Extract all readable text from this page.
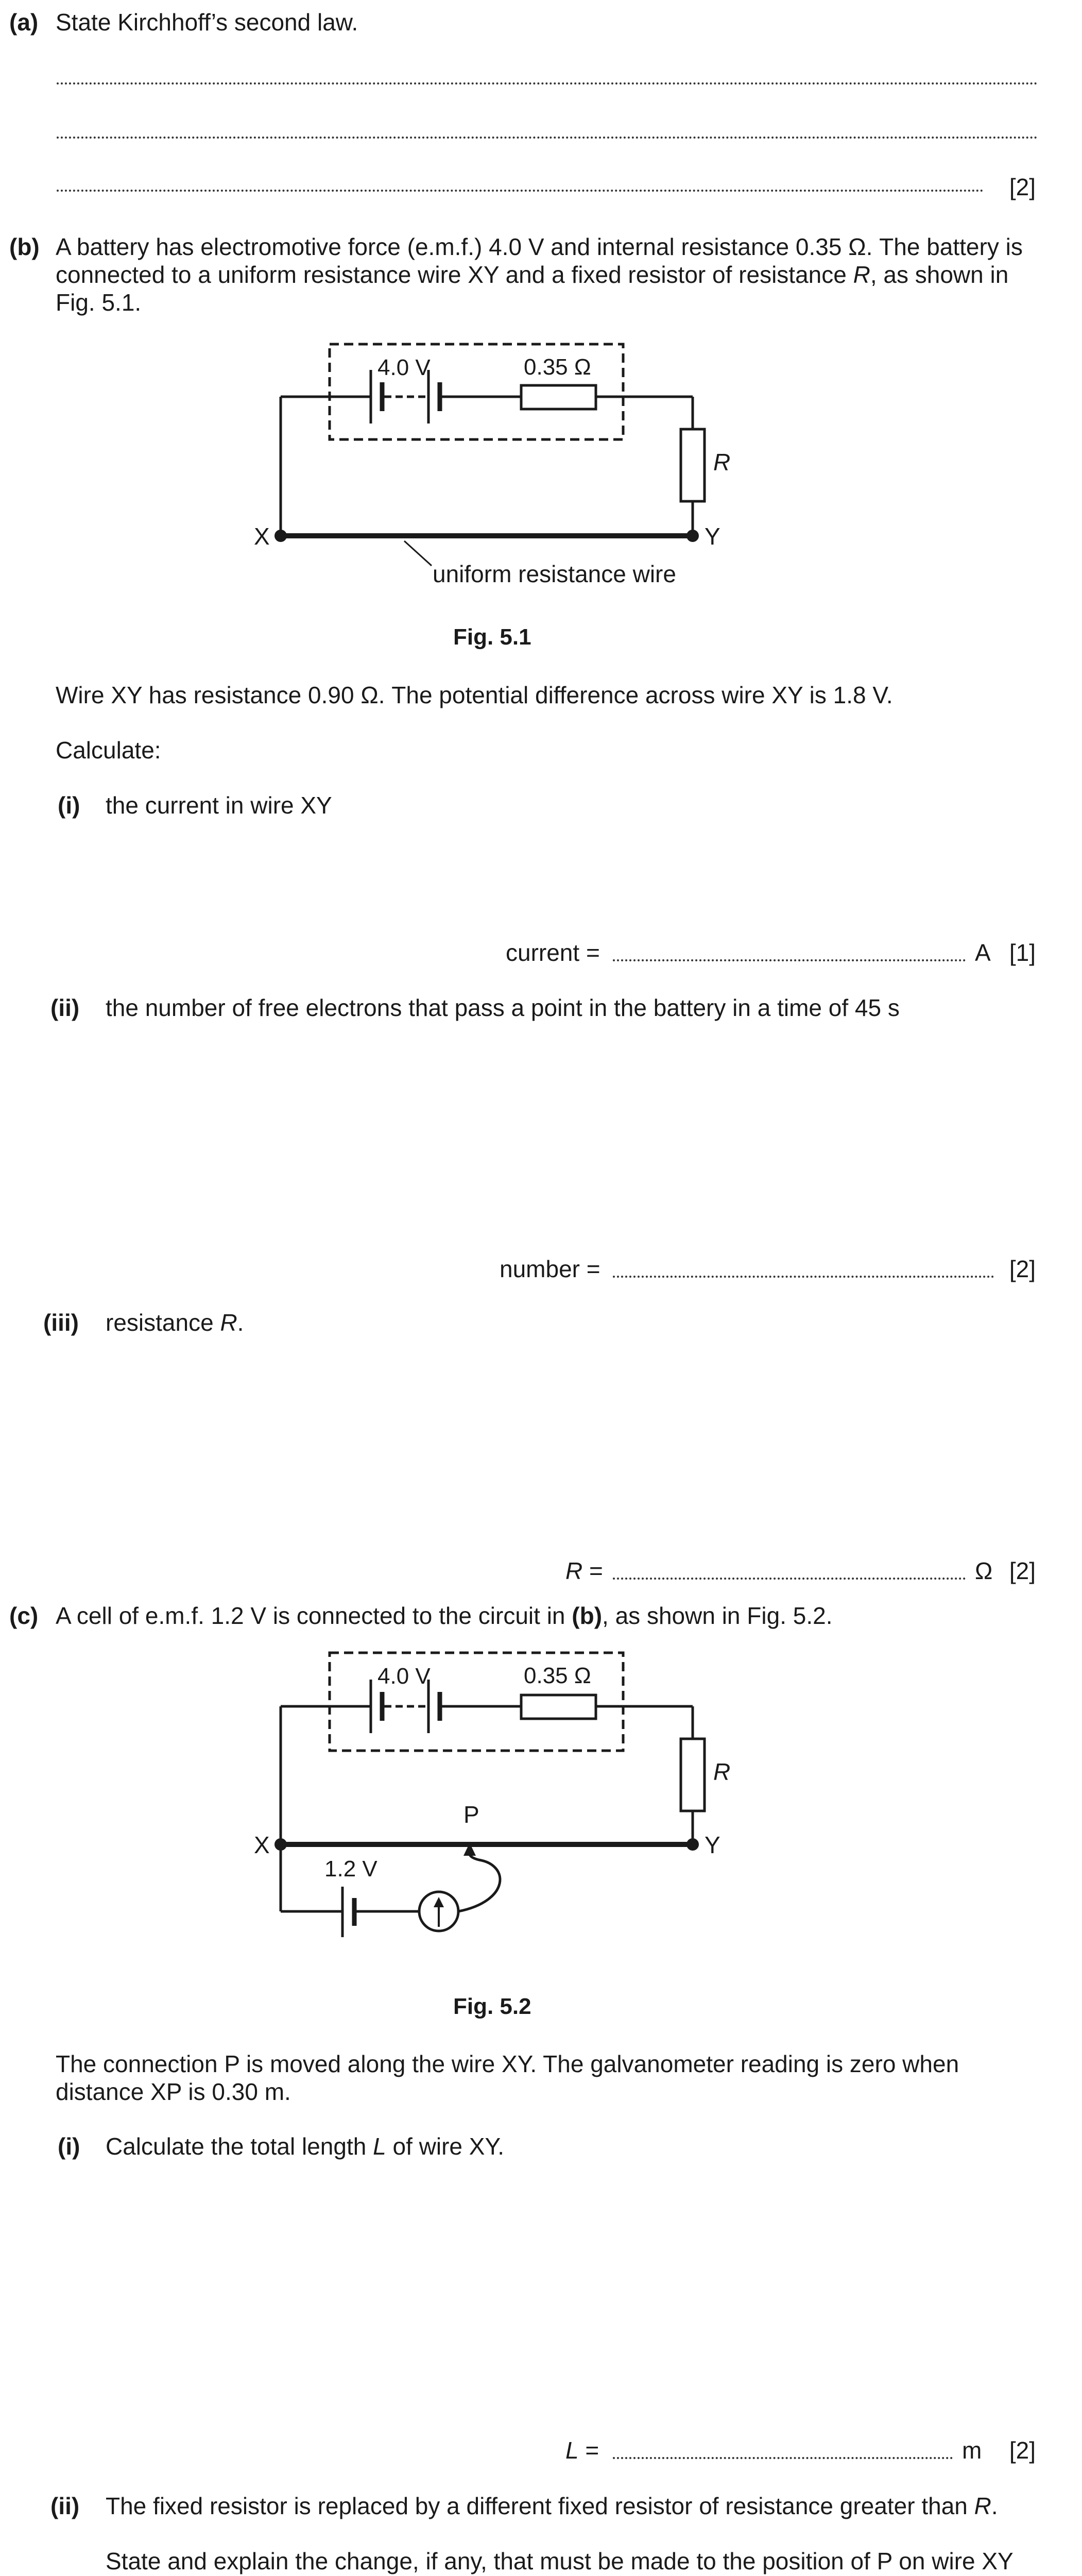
(a) State Kirchhoff’s second law.
[2]
(b) A battery has electromotive force (e.m.f.) 4.0 V and internal resistance 0.35 Ω. The battery is
connected to a uniform resistance wire XY and a fixed resistor of resistance R, as shown in
Fig. 5.1.
4.0 V	0.35 Ω
R
X	Y
uniform resistance wire
Fig. 5.1
Wire XY has resistance 0.90 Ω. The potential difference across wire XY is 1.8 V.
Calculate:
(i) the current in wire XY
current =	A [1]
(ii) the number of free electrons that pass a point in the battery in a time of 45 s
number =	[2]
(iii) resistance R.
R =	Ω [2]
(c) A cell of e.m.f. 1.2 V is connected to the circuit in (b), as shown in Fig. 5.2.
4.0 V	0.35 Ω
R
X	Y
P
1.2 V
Fig. 5.2
The connection P is moved along the wire XY. The galvanometer reading is zero when
distance XP is 0.30 m.
(i) Calculate the total length L of wire XY.
L =	m [2]
(ii) The fixed resistor is replaced by a different fixed resistor of resistance greater than R.
State and explain the change, if any, that must be made to the position of P on wire XY
